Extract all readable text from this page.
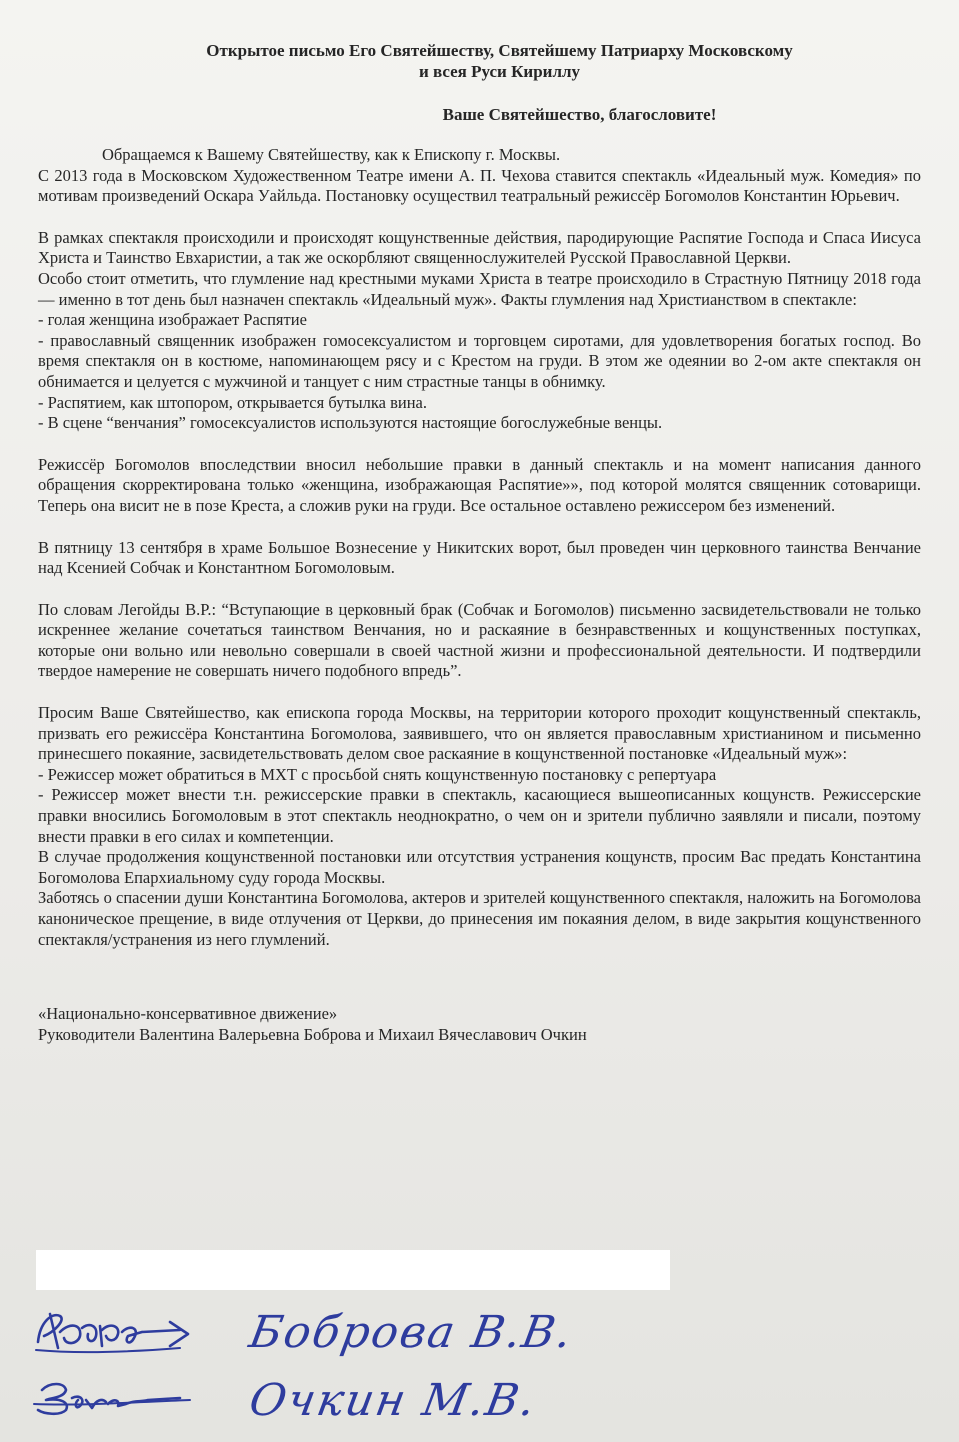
Открытое письмо Его Святейшеству, Святейшему Патриарху Московскому
и всея Руси Кириллу

Ваше Святейшество, благословите!

Обращаемся к Вашему Святейшеству, как к Епископу г. Москвы.

С 2013 года в Московском Художественном Театре имени А. П. Чехова ставится спектакль «Идеальный муж. Комедия» по мотивам произведений Оскара Уайльда. Постановку осуществил театральный режиссёр Богомолов Константин Юрьевич.

В рамках спектакля происходили и происходят кощунственные действия, пародирующие Распятие Господа и Спаса Иисуса Христа и Таинство Евхаристии, а так же оскорбляют священнослужителей Русской Православной Церкви.

Особо стоит отметить, что глумление над крестными муками Христа в театре происходило в Страстную Пятницу 2018 года — именно в тот день был назначен спектакль «Идеальный муж». Факты глумления над Христианством в спектакле:

- голая женщина изображает Распятие

- православный священник изображен гомосексуалистом и торговцем сиротами, для удовлетворения богатых господ. Во время спектакля он в костюме, напоминающем рясу и с Крестом на груди. В этом же одеянии во 2-ом акте спектакля он обнимается и целуется с мужчиной и танцует с ним страстные танцы в обнимку.

- Распятием, как штопором, открывается бутылка вина.

- В сцене “венчания” гомосексуалистов используются настоящие богослужебные венцы.

Режиссёр Богомолов впоследствии вносил небольшие правки в данный спектакль и на момент написания данного обращения скорректирована только «женщина, изображающая Распятие»», под которой молятся священник сотоварищи. Теперь она висит не в позе Креста, а сложив руки на груди. Все остальное оставлено режиссером без изменений.

В пятницу 13 сентября в храме Большое Вознесение у Никитских ворот, был проведен чин церковного таинства Венчание над Ксенией Собчак и Константном Богомоловым.

По словам Легойды В.Р.: “Вступающие в церковный брак (Собчак и Богомолов) письменно засвидетельствовали не только искреннее желание сочетаться таинством Венчания, но и раскаяние в безнравственных и кощунственных поступках, которые они вольно или невольно совершали в своей частной жизни и профессиональной деятельности. И подтвердили твердое намерение не совершать ничего подобного впредь”.

Просим Ваше Святейшество, как епископа города Москвы, на территории которого проходит кощунственный спектакль, призвать его режиссёра Константина Богомолова, заявившего, что он является православным христианином и письменно принесшего покаяние, засвидетельствовать делом свое раскаяние в кощунственной постановке «Идеальный муж»:

- Режиссер может обратиться в МХТ с просьбой снять кощунственную постановку с репертуара

- Режиссер может внести т.н. режиссерские правки в спектакль, касающиеся вышеописанных кощунств. Режиссерские правки вносились Богомоловым в этот спектакль неоднократно, о чем он и зрители публично заявляли и писали, поэтому внести правки в его силах и компетенции.

В случае продолжения кощунственной постановки или отсутствия устранения кощунств, просим Вас предать Константина Богомолова Епархиальному суду города Москвы.

Заботясь о спасении души Константина Богомолова, актеров и зрителей кощунственного спектакля, наложить на Богомолова каноническое прещение, в виде отлучения от Церкви, до принесения им покаяния делом, в виде закрытия кощунственного спектакля/устранения из него глумлений.

«Национально-консервативное движение»

Руководители Валентина Валерьевна Боброва и Михаил Вячеславович Очкин

Боброва В.В.
Очкин М.В.
